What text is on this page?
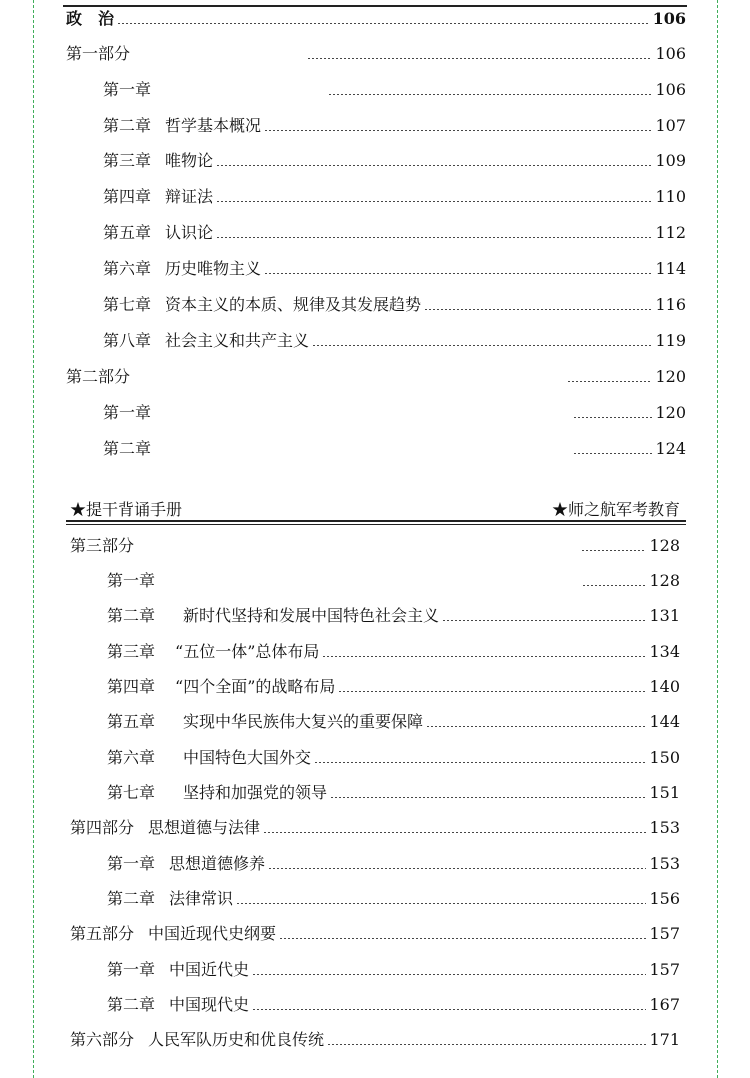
政　治	106
第一部分	106
第一章	106
第二章 哲学基本概况	107
第三章 唯物论	109
第四章 辩证法	110
第五章 认识论	112
第六章 历史唯物主义	114
第七章 资本主义的本质、规律及其发展趋势	116
第八章 社会主义和共产主义	119
第二部分	120
第一章	120
第二章	124
★提干背诵手册	★师之航军考教育
第三部分	128
第一章	128
第二章 新时代坚持和发展中国特色社会主义	131
第三章 “五位一体”总体布局	134
第四章 “四个全面”的战略布局	140
第五章 实现中华民族伟大复兴的重要保障	144
第六章 中国特色大国外交	150
第七章 坚持和加强党的领导	151
第四部分 思想道德与法律	153
第一章 思想道德修养	153
第二章 法律常识	156
第五部分 中国近现代史纲要	157
第一章 中国近代史	157
第二章 中国现代史	167
第六部分 人民军队历史和优良传统	171
